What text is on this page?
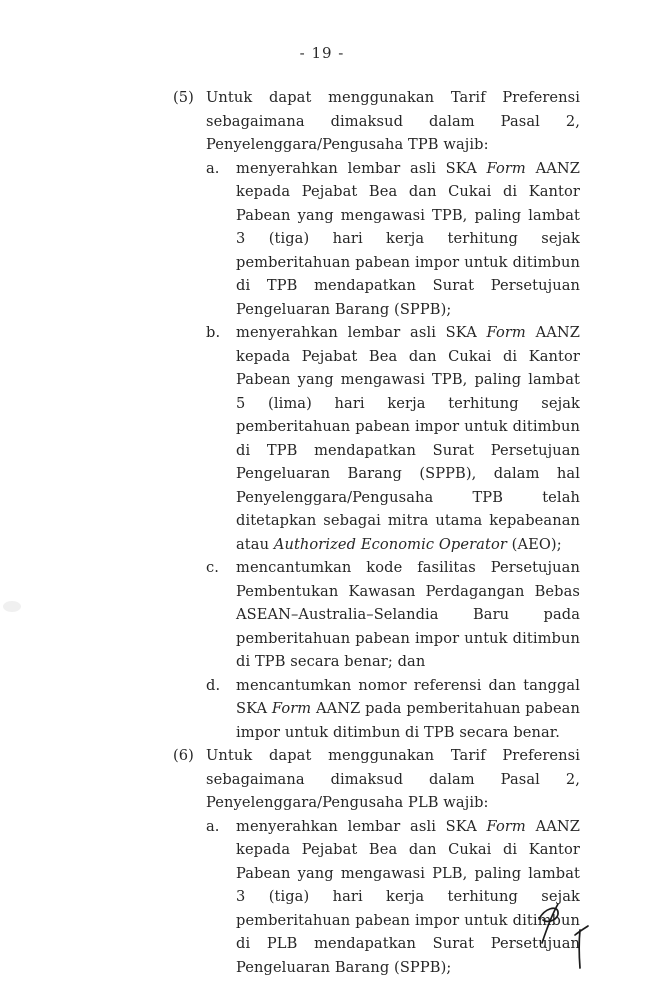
- 19 -
(5) Untuk dapat menggunakan Tarif Preferensi sebagaimana dimaksud dalam Pasal 2, Penyelenggara/Pengusaha TPB wajib:
a.	menyerahkan lembar asli SKA Form AANZ kepada Pejabat Bea dan Cukai di Kantor Pabean yang mengawasi TPB, paling lambat 3 (tiga) hari kerja terhitung sejak pemberitahuan pabean impor untuk ditimbun di TPB mendapatkan Surat Persetujuan Pengeluaran Barang (SPPB);
b.	menyerahkan lembar asli SKA Form AANZ kepada Pejabat Bea dan Cukai di Kantor Pabean yang mengawasi TPB, paling lambat 5 (lima) hari kerja terhitung sejak pemberitahuan pabean impor untuk ditimbun di TPB mendapatkan Surat Persetujuan Pengeluaran Barang (SPPB), dalam hal Penyelenggara/Pengusaha TPB telah ditetapkan sebagai mitra utama kepabeanan atau Authorized Economic Operator (AEO);
c.	mencantumkan kode fasilitas Persetujuan Pembentukan Kawasan Perdagangan Bebas ASEAN–Australia–Selandia Baru pada pemberitahuan pabean impor untuk ditimbun di TPB secara benar; dan
d.	mencantumkan nomor referensi dan tanggal SKA Form AANZ pada pemberitahuan pabean impor untuk ditimbun di TPB secara benar.
(6) Untuk dapat menggunakan Tarif Preferensi sebagaimana dimaksud dalam Pasal 2, Penyelenggara/Pengusaha PLB wajib:
a.	menyerahkan lembar asli SKA Form AANZ kepada Pejabat Bea dan Cukai di Kantor Pabean yang mengawasi PLB, paling lambat 3 (tiga) hari kerja terhitung sejak pemberitahuan pabean impor untuk ditimbun di PLB mendapatkan Surat Persetujuan Pengeluaran Barang (SPPB);
